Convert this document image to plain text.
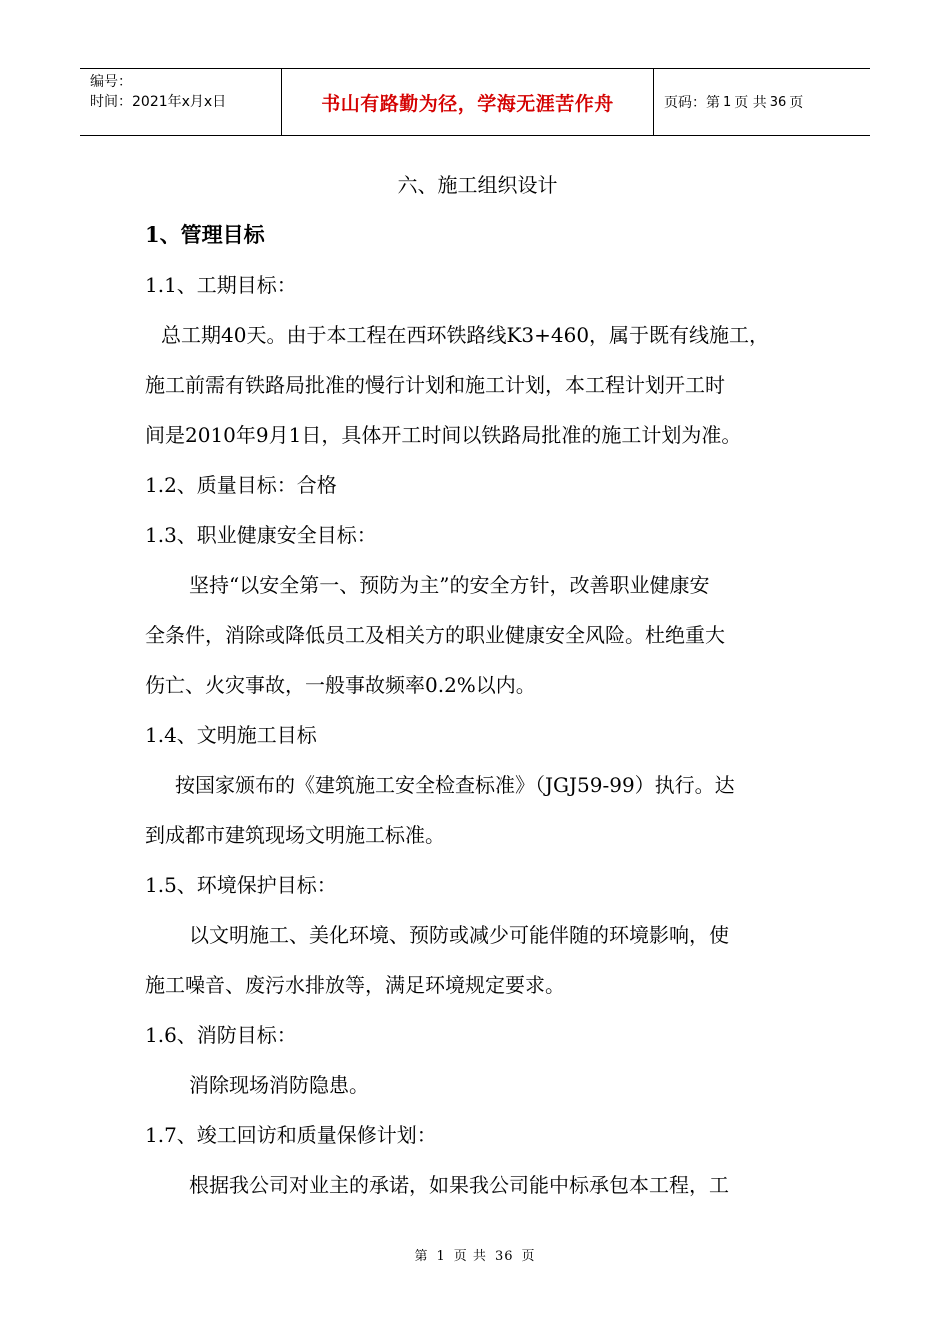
编号：
时间：2021年x月x日	书山有路勤为径，学海无涯苦作舟	页码：第 1 页 共 36 页
六、施工组织设计
1、管理目标
1.1、工期目标：
总工期40天。由于本工程在西环铁路线K3+460，属于既有线施工，
施工前需有铁路局批准的慢行计划和施工计划，本工程计划开工时
间是2010年9月1日，具体开工时间以铁路局批准的施工计划为准。
1.2、质量目标：合格
1.3、职业健康安全目标：
坚持“以安全第一、预防为主”的安全方针，改善职业健康安
全条件，消除或降低员工及相关方的职业健康安全风险。杜绝重大
伤亡、火灾事故，一般事故频率0.2%以内。
1.4、文明施工目标
按国家颁布的《建筑施工安全检查标准》（JGJ59-99）执行。达
到成都市建筑现场文明施工标准。
1.5、环境保护目标：
以文明施工、美化环境、预防或减少可能伴随的环境影响，使
施工噪音、废污水排放等，满足环境规定要求。
1.6、消防目标：
消除现场消防隐患。
1.7、竣工回访和质量保修计划：
根据我公司对业主的承诺，如果我公司能中标承包本工程，工
第 1 页 共 36 页
